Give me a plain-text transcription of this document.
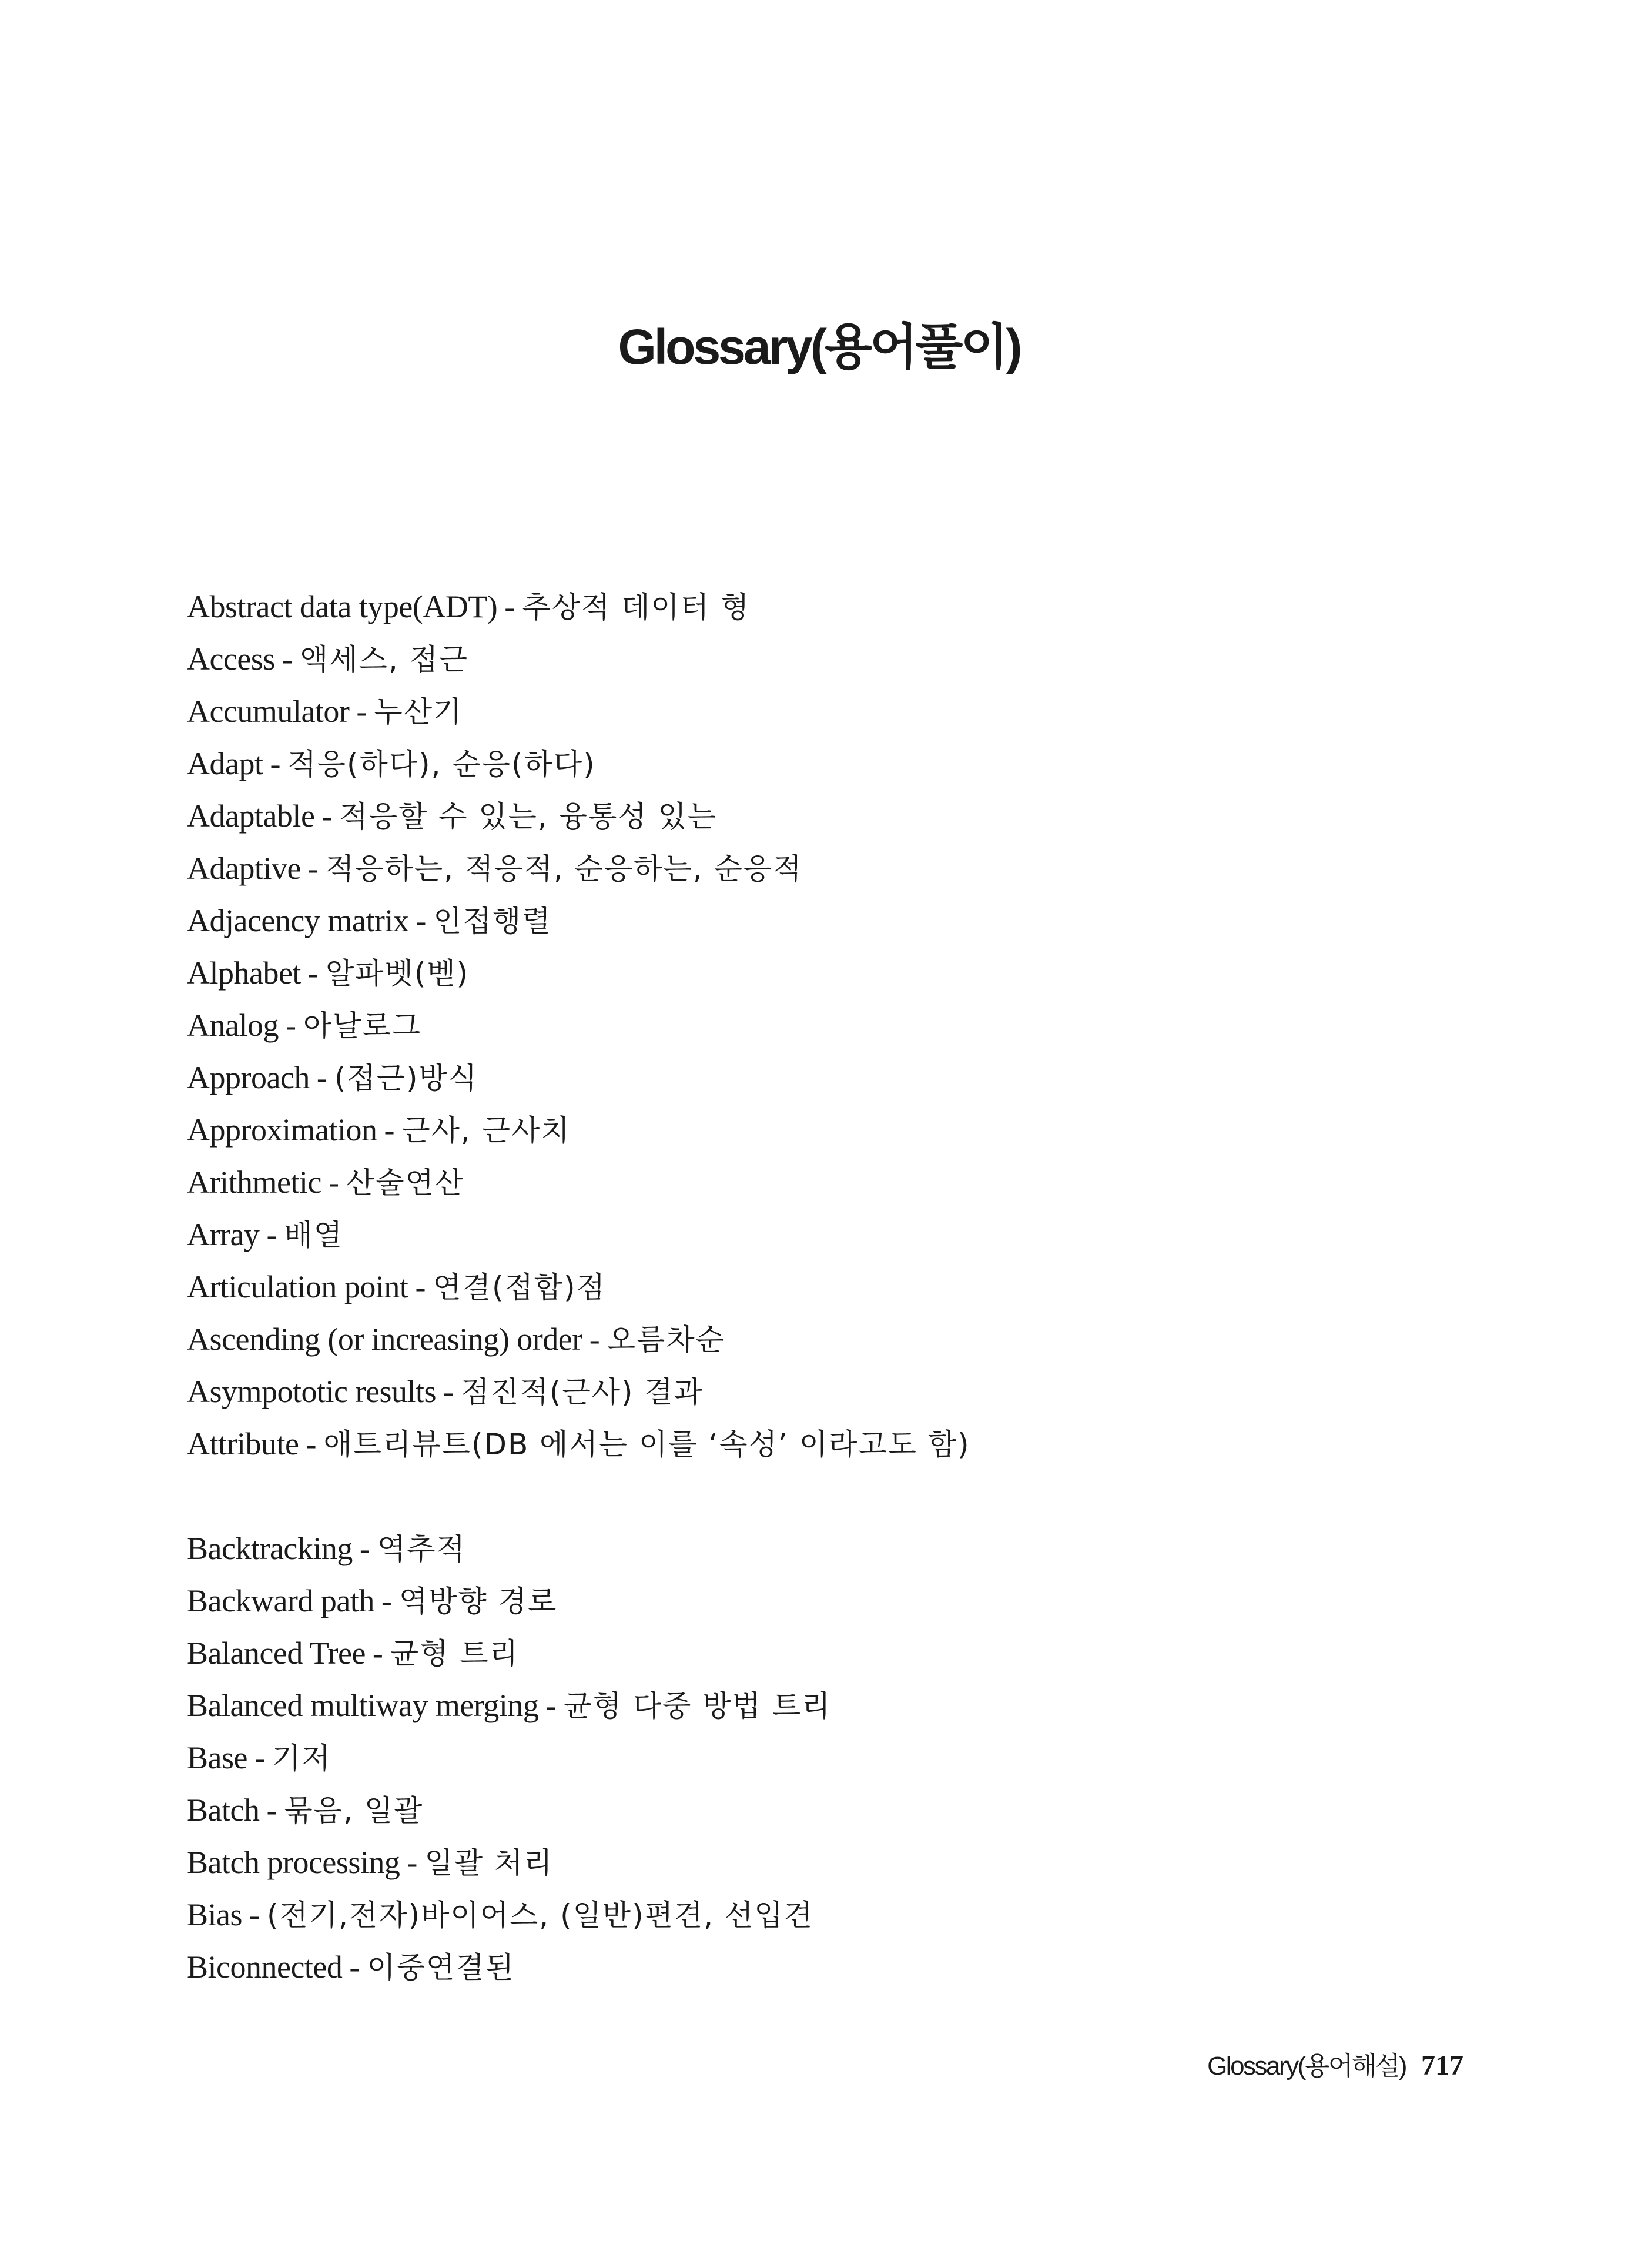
Glossary(용어풀이)
Abstract data type(ADT) - 추상적 데이터 형
Access - 액세스, 접근
Accumulator - 누산기
Adapt - 적응(하다), 순응(하다)
Adaptable - 적응할 수 있는, 융통성 있는
Adaptive - 적응하는, 적응적, 순응하는, 순응적
Adjacency matrix - 인접행렬
Alphabet - 알파벳(벧)
Analog - 아날로그
Approach - (접근)방식
Approximation - 근사, 근사치
Arithmetic - 산술연산
Array - 배열
Articulation point - 연결(접합)점
Ascending (or increasing) order - 오름차순
Asympototic results - 점진적(근사) 결과
Attribute - 애트리뷰트(DB 에서는 이를 ‘속성’ 이라고도 함)
Backtracking - 역추적
Backward path - 역방향 경로
Balanced Tree - 균형 트리
Balanced multiway merging - 균형 다중 방법 트리
Base - 기저
Batch - 묶음, 일괄
Batch processing - 일괄 처리
Bias - (전기,전자)바이어스, (일반)편견, 선입견
Biconnected - 이중연결된
Glossary(용어해설) 717
